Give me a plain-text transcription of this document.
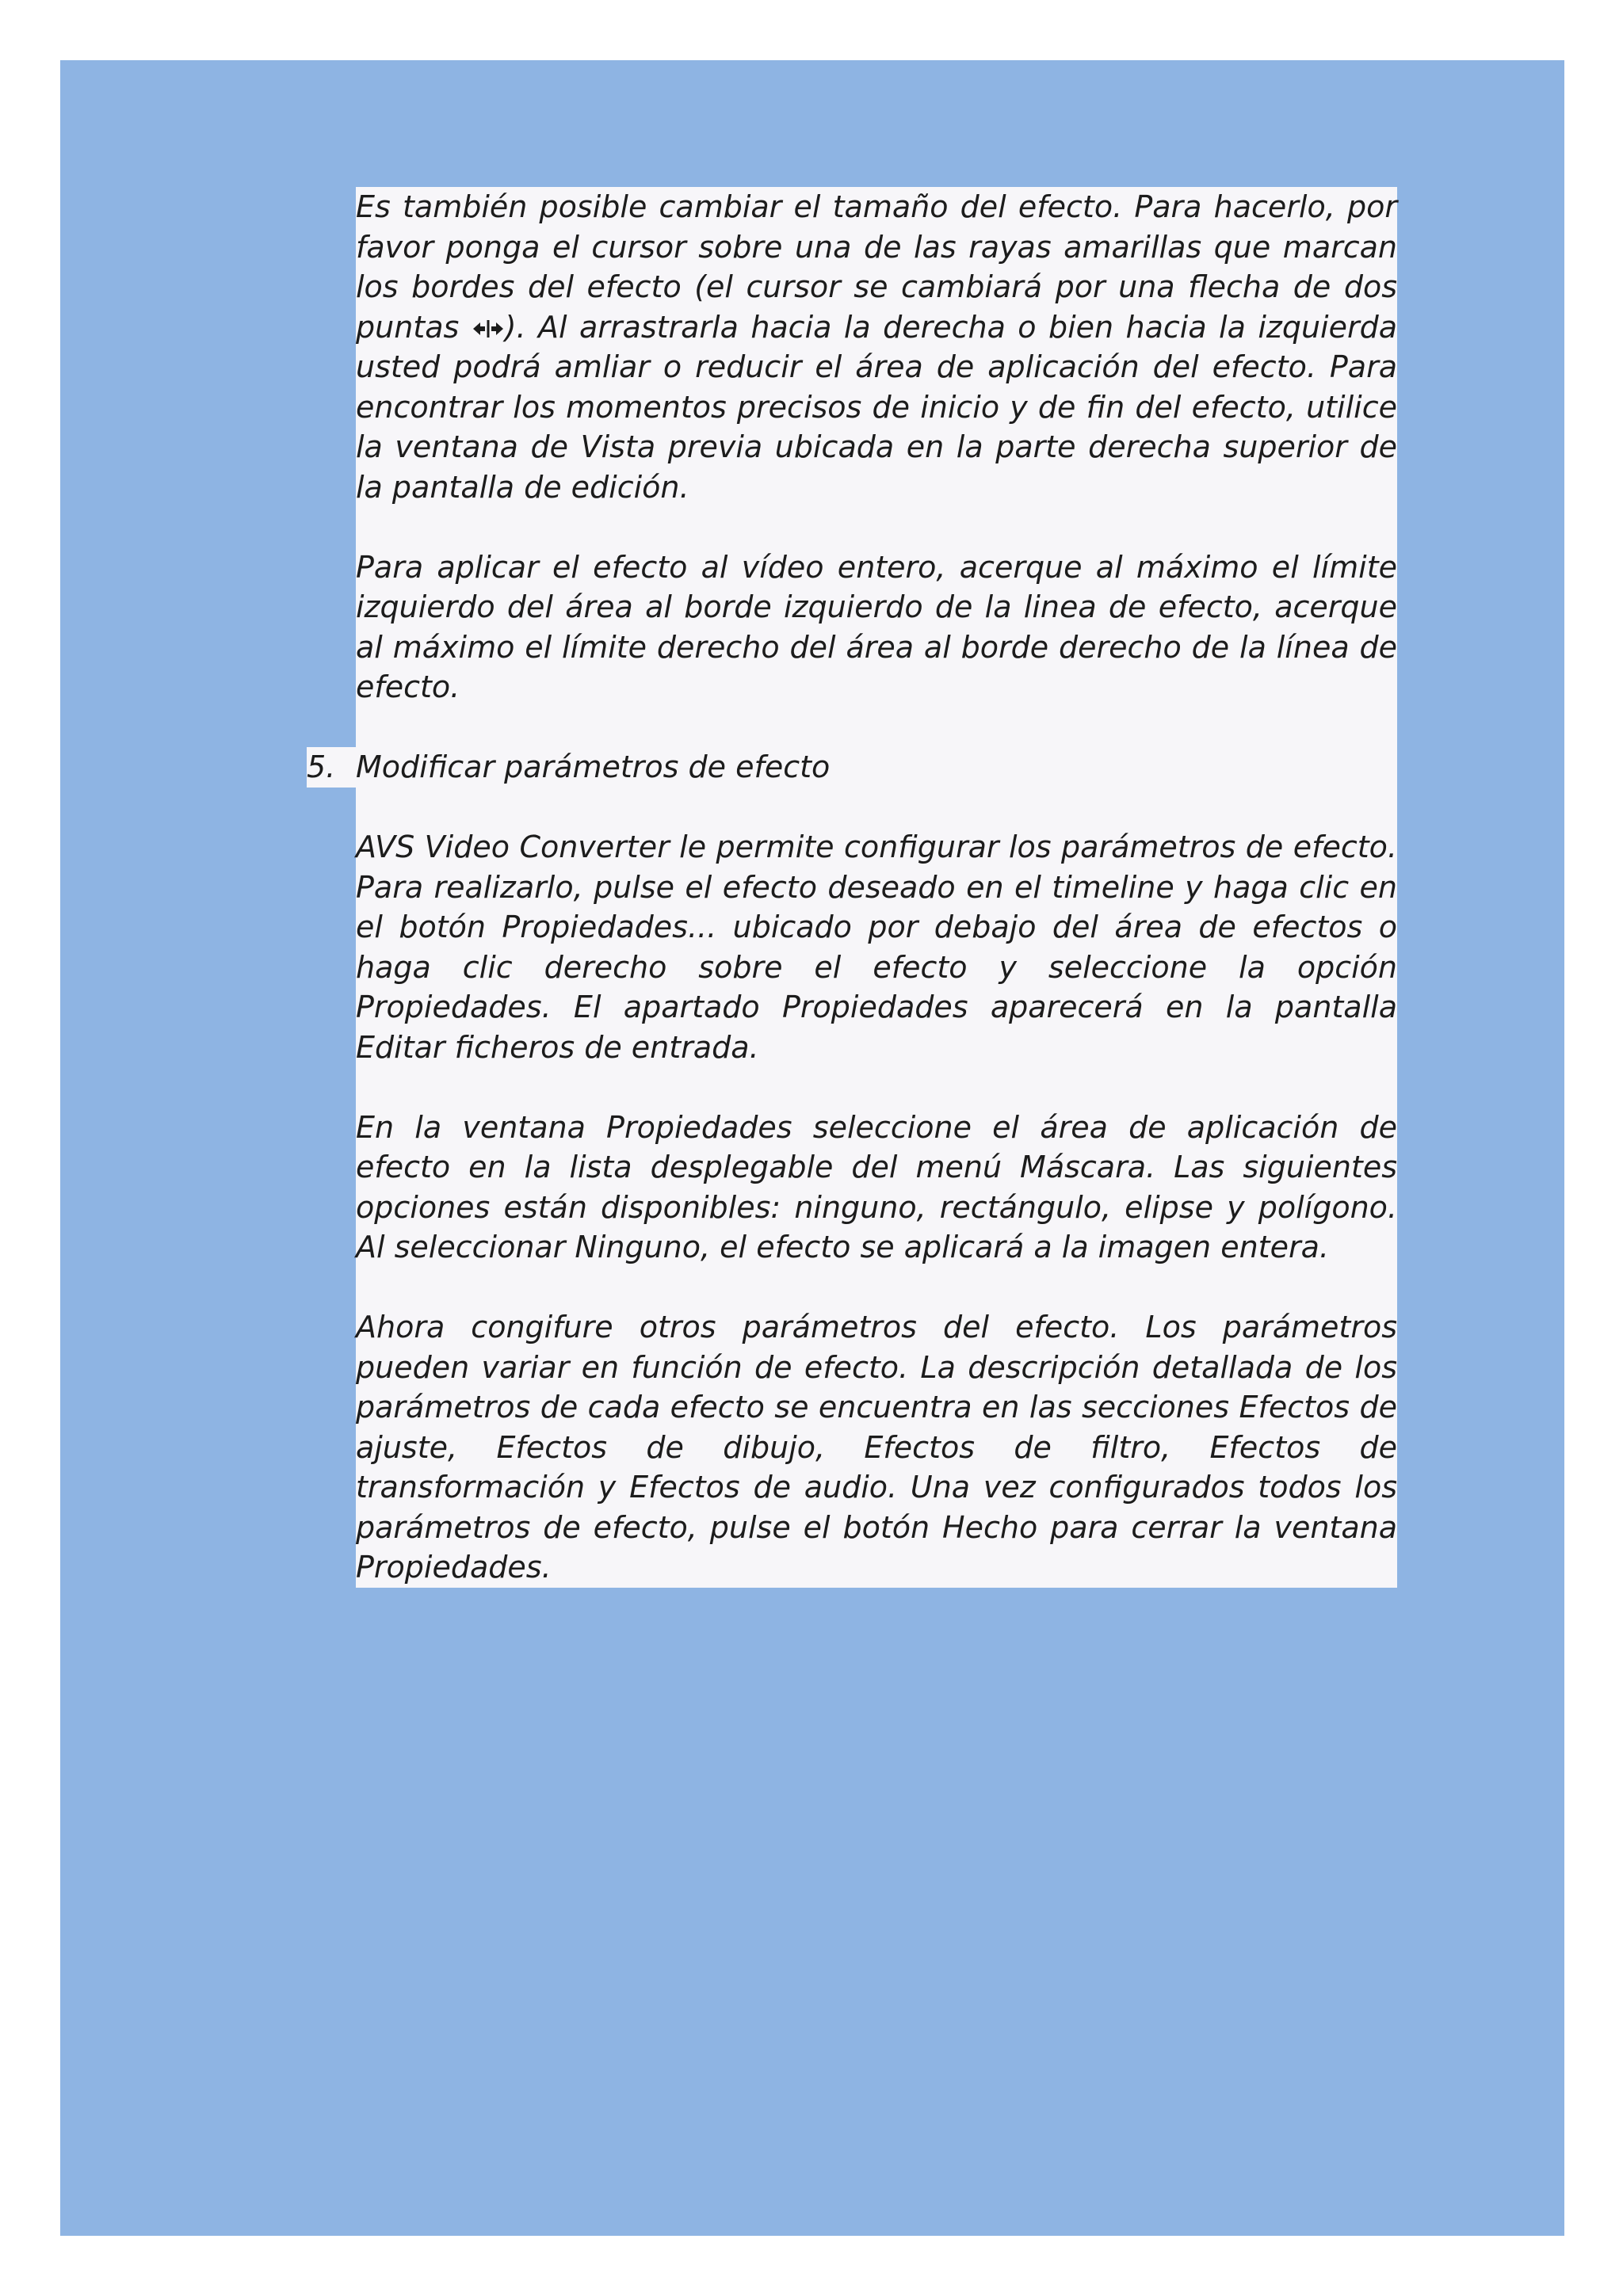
Es también posible cambiar el tamaño del efecto. Para hacerlo, por favor ponga el cursor sobre una de las rayas amarillas que marcan los bordes del efecto (el cursor se cambiará por una flecha de dos puntas ). Al arrastrarla hacia la derecha o bien hacia la izquierda usted podrá amliar o reducir el área de aplicación del efecto. Para encontrar los momentos precisos de inicio y de fin del efecto, utilice la ventana de Vista previa ubicada en la parte derecha superior de la pantalla de edición.

Para aplicar el efecto al vídeo entero, acerque al máximo el límite izquierdo del área al borde izquierdo de la linea de efecto, acerque al máximo el límite derecho del área al borde derecho de la línea de efecto.

5. Modificar parámetros de efecto

AVS Video Converter le permite configurar los parámetros de efecto. Para realizarlo, pulse el efecto deseado en el timeline y haga clic en el botón Propiedades... ubicado por debajo del área de efectos o haga clic derecho sobre el efecto y seleccione la opción Propiedades. El apartado Propiedades aparecerá en la pantalla Editar ficheros de entrada.

En la ventana Propiedades seleccione el área de aplicación de efecto en la lista desplegable del menú Máscara. Las siguientes opciones están disponibles: ninguno, rectángulo, elipse y polígono. Al seleccionar Ninguno, el efecto se aplicará a la imagen entera.

Ahora congifure otros parámetros del efecto. Los parámetros pueden variar en función de efecto. La descripción detallada de los parámetros de cada efecto se encuentra en las secciones Efectos de ajuste, Efectos de dibujo, Efectos de filtro, Efectos de transformación y Efectos de audio. Una vez configurados todos los parámetros de efecto, pulse el botón Hecho para cerrar la ventana Propiedades.
